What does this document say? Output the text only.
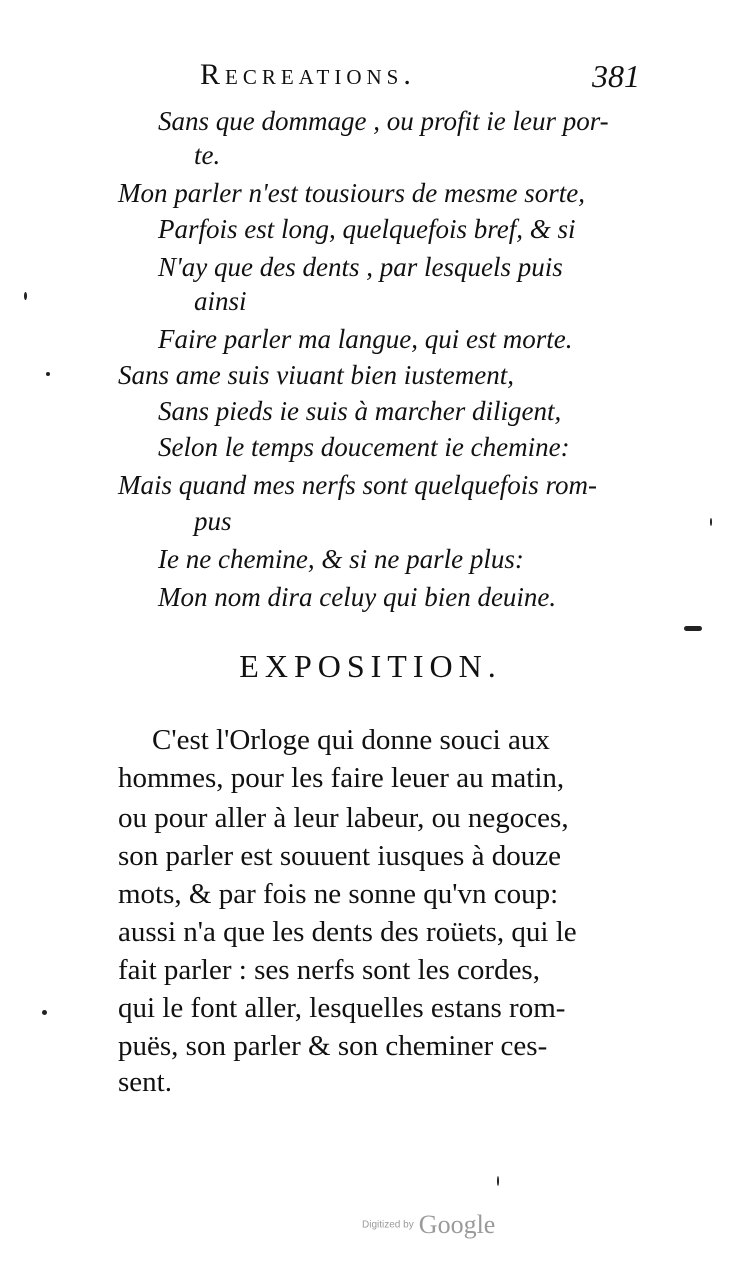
Recreations.	381
Sans que dommage , ou profit ie leur por-
te.
Mon parler n'est tousiours de mesme sorte,
Parfois est long, quelquefois bref, & si
N'ay que des dents , par lesquels puis
ainsi
Faire parler ma langue, qui est morte.
Sans ame suis viuant bien iustement,
Sans pieds ie suis à marcher diligent,
Selon le temps doucement ie chemine:
Mais quand mes nerfs sont quelquefois rom-
pus
Ie ne chemine, & si ne parle plus:
Mon nom dira celuy qui bien deuine.
EXPOSITION.
C'est l'Orloge qui donne souci aux
hommes, pour les faire leuer au matin,
ou pour aller à leur labeur, ou negoces,
son parler est souuent iusques à douze
mots, & par fois ne sonne qu'vn coup:
aussi n'a que les dents des roüets, qui le
fait parler : ses nerfs sont les cordes,
qui le font aller, lesquelles estans rom-
puës, son parler & son cheminer ces-
sent.
Digitized by Google
